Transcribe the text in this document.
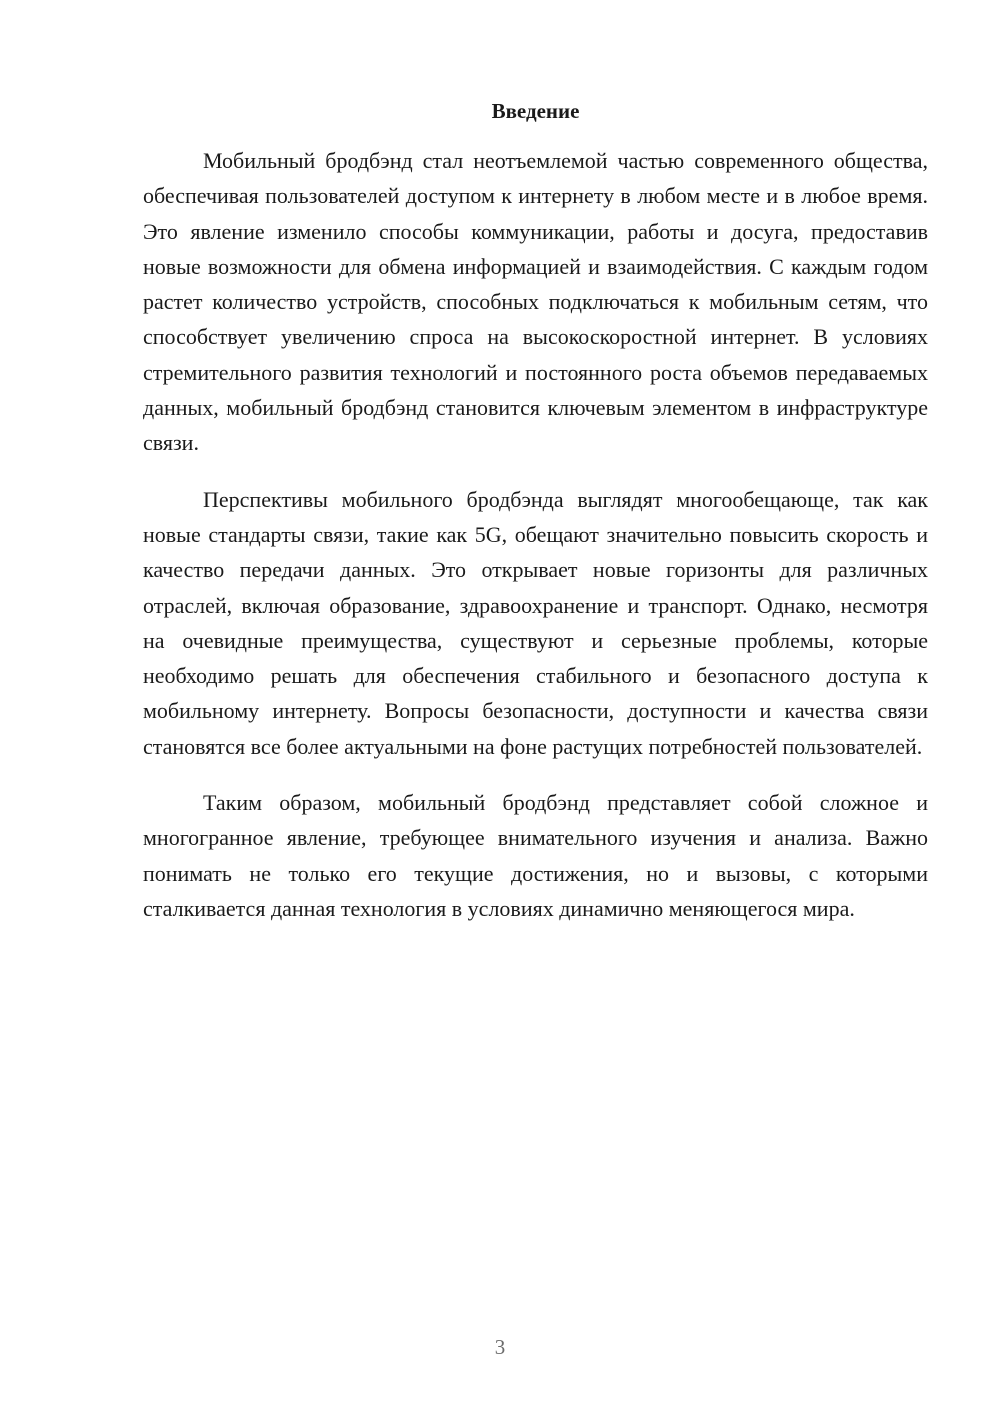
Введение

Мобильный бродбэнд стал неотъемлемой частью современного общества, обеспечивая пользователей доступом к интернету в любом месте и в любое время. Это явление изменило способы коммуникации, работы и досуга, предоставив новые возможности для обмена информацией и взаимодействия. С каждым годом растет количество устройств, способных подключаться к мобильным сетям, что способствует увеличению спроса на высокоскоростной интернет. В условиях стремительного развития технологий и постоянного роста объемов передаваемых данных, мобильный бродбэнд становится ключевым элементом в инфраструктуре связи.

Перспективы мобильного бродбэнда выглядят многообещающе, так как новые стандарты связи, такие как 5G, обещают значительно повысить скорость и качество передачи данных. Это открывает новые горизонты для различных отраслей, включая образование, здравоохранение и транспорт. Однако, несмотря на очевидные преимущества, существуют и серьезные проблемы, которые необходимо решать для обеспечения стабильного и безопасного доступа к мобильному интернету. Вопросы безопасности, доступности и качества связи становятся все более актуальными на фоне растущих потребностей пользователей.

Таким образом, мобильный бродбэнд представляет собой сложное и многогранное явление, требующее внимательного изучения и анализа. Важно понимать не только его текущие достижения, но и вызовы, с которыми сталкивается данная технология в условиях динамично меняющегося мира.

3
